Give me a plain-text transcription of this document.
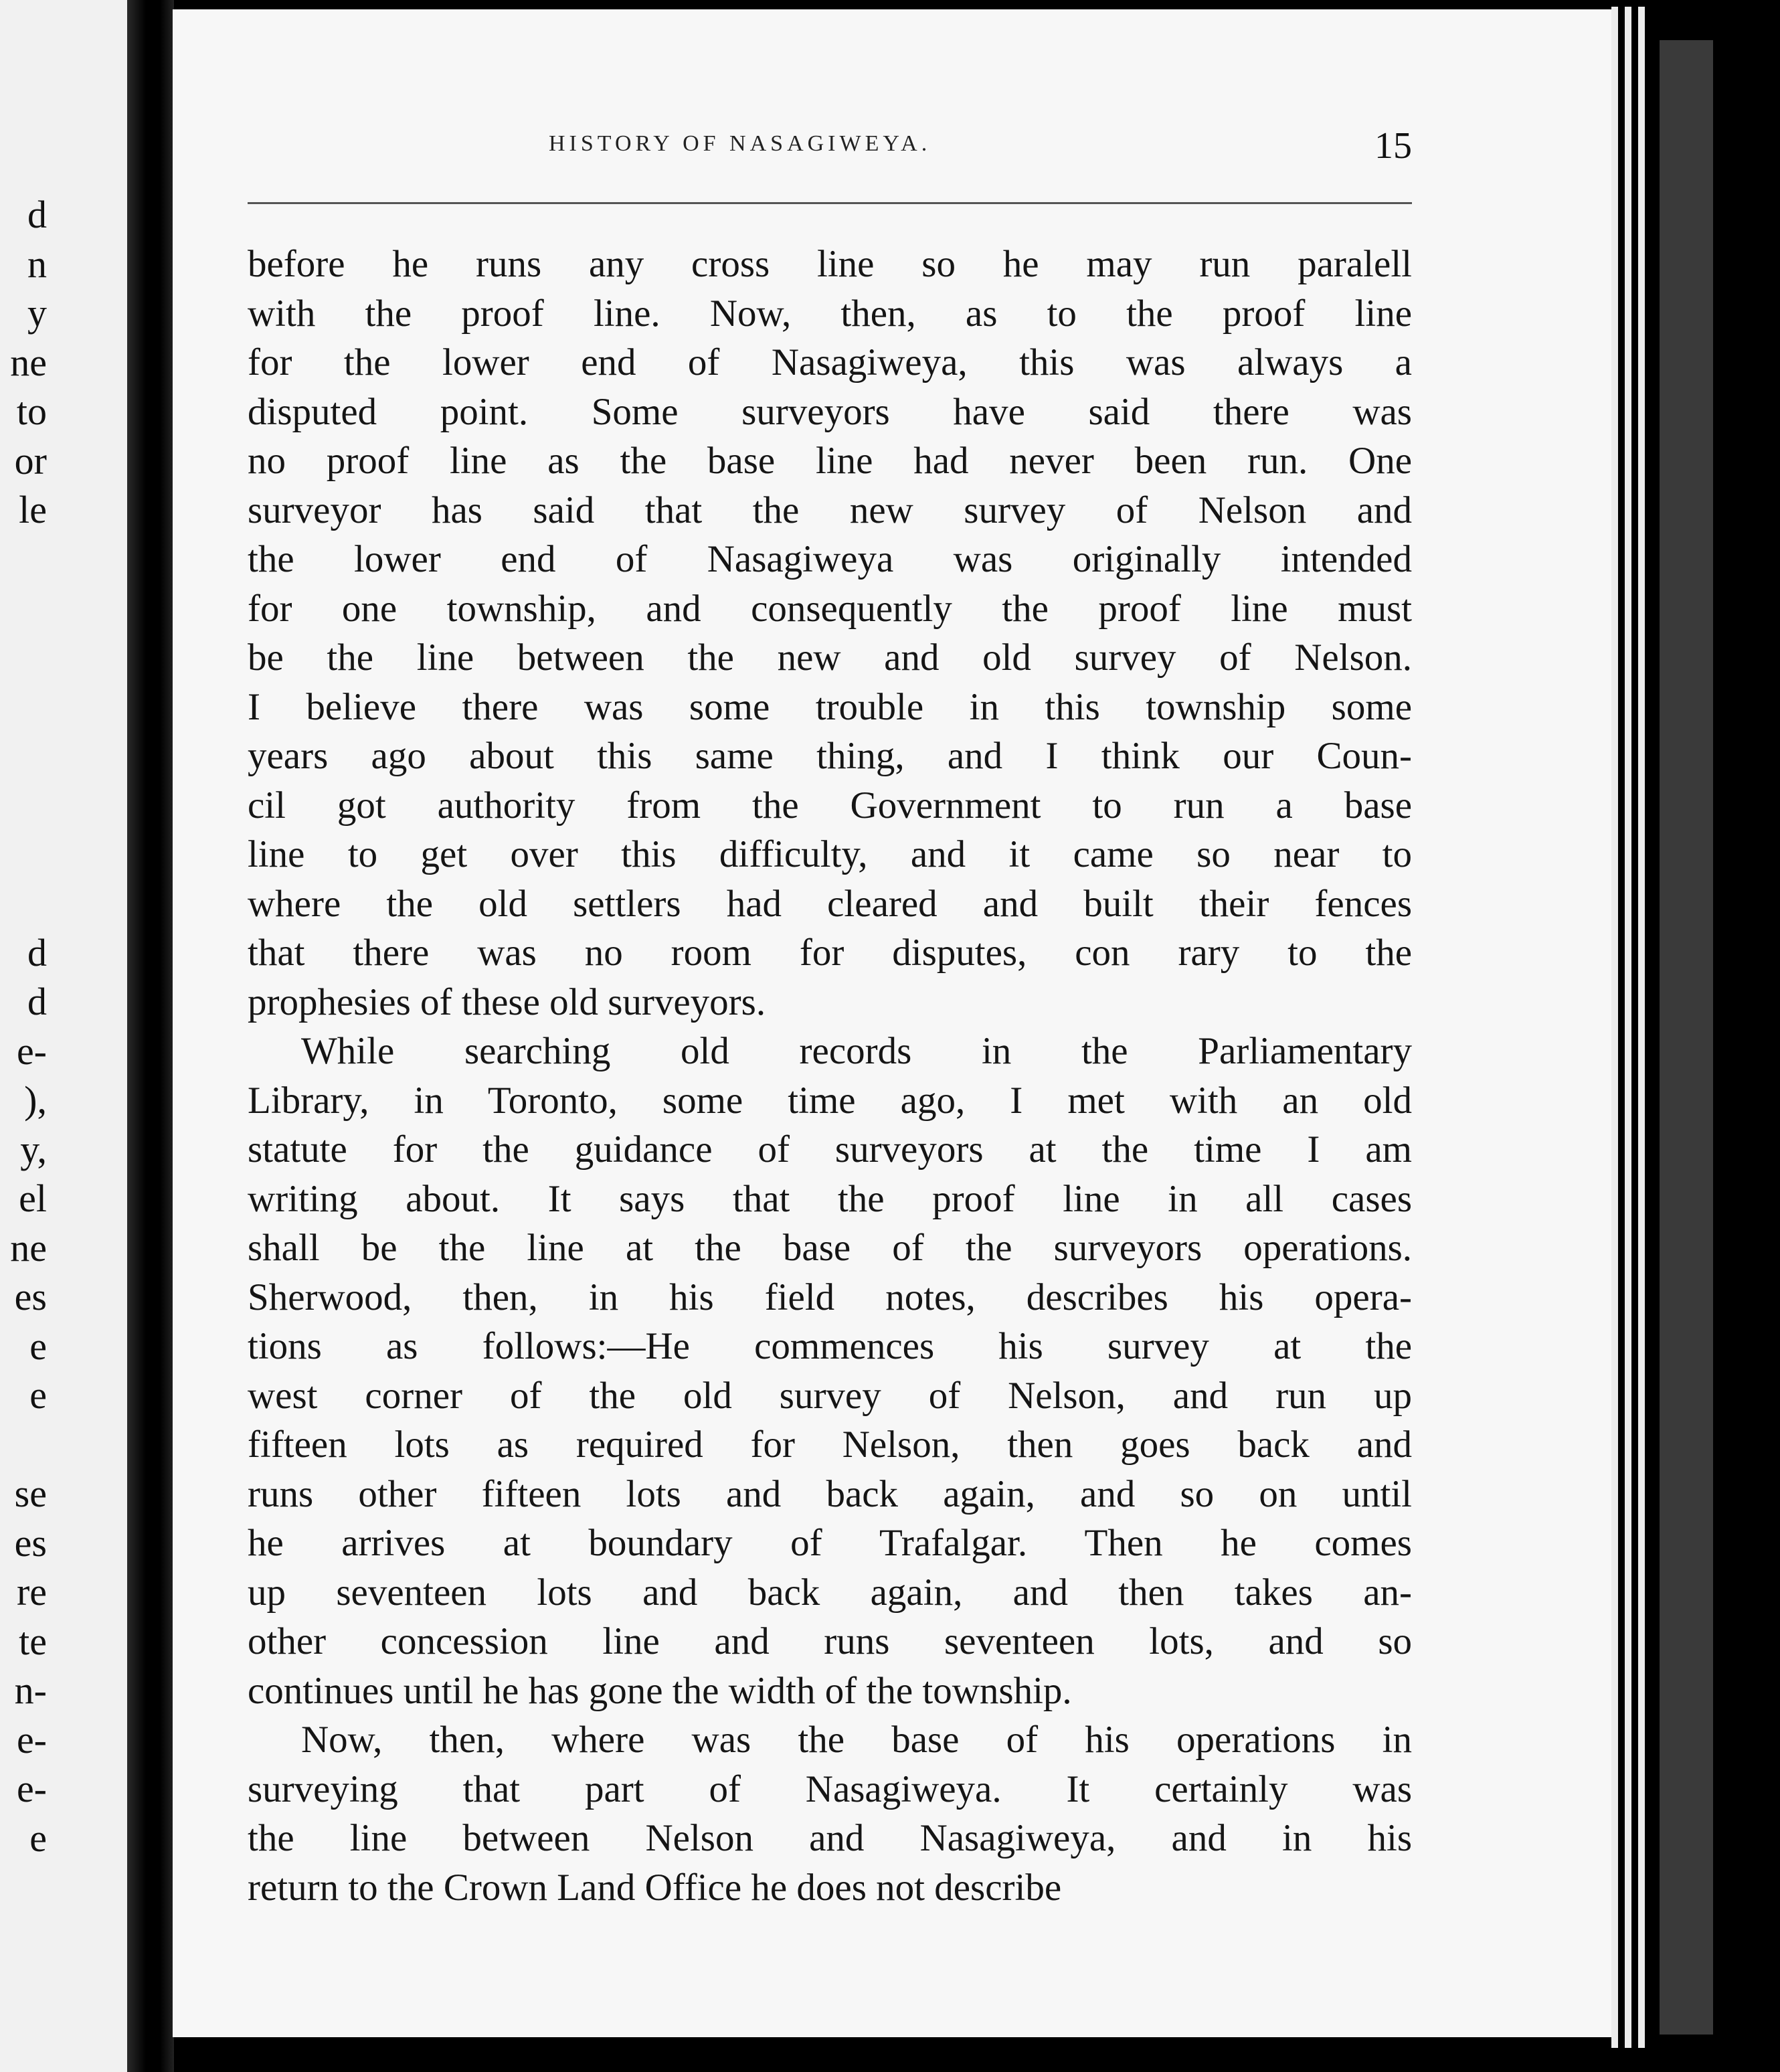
d
n
y
ne
to
or
le
d
d
e-
),
y,
el
ne
es
e
e
se
es
re
te
n-
e-
e-
e
HISTORY OF NASAGIWEYA.	15
before he runs any cross line so he may run paralell
with the proof line. Now, then, as to the proof line
for the lower end of Nasagiweya, this was always a
disputed point. Some surveyors have said there was
no proof line as the base line had never been run. One
surveyor has said that the new survey of Nelson and
the lower end of Nasagiweya was originally intended
for one township, and consequently the proof line must
be the line between the new and old survey of Nelson.
I believe there was some trouble in this township some
years ago about this same thing, and I think our Coun-
cil got authority from the Government to run a base
line to get over this difficulty, and it came so near to
where the old settlers had cleared and built their fences
that there was no room for disputes, con rary to the
prophesies of these old surveyors.
While searching old records in the Parliamentary
Library, in Toronto, some time ago, I met with an old
statute for the guidance of surveyors at the time I am
writing about. It says that the proof line in all cases
shall be the line at the base of the surveyors operations.
Sherwood, then, in his field notes, describes his opera-
tions as follows:—He commences his survey at the
west corner of the old survey of Nelson, and run up
fifteen lots as required for Nelson, then goes back and
runs other fifteen lots and back again, and so on until
he arrives at boundary of Trafalgar. Then he comes
up seventeen lots and back again, and then takes an-
other concession line and runs seventeen lots, and so
continues until he has gone the width of the township.
Now, then, where was the base of his operations in
surveying that part of Nasagiweya. It certainly was
the line between Nelson and Nasagiweya, and in his
return to the Crown Land Office he does not describe
